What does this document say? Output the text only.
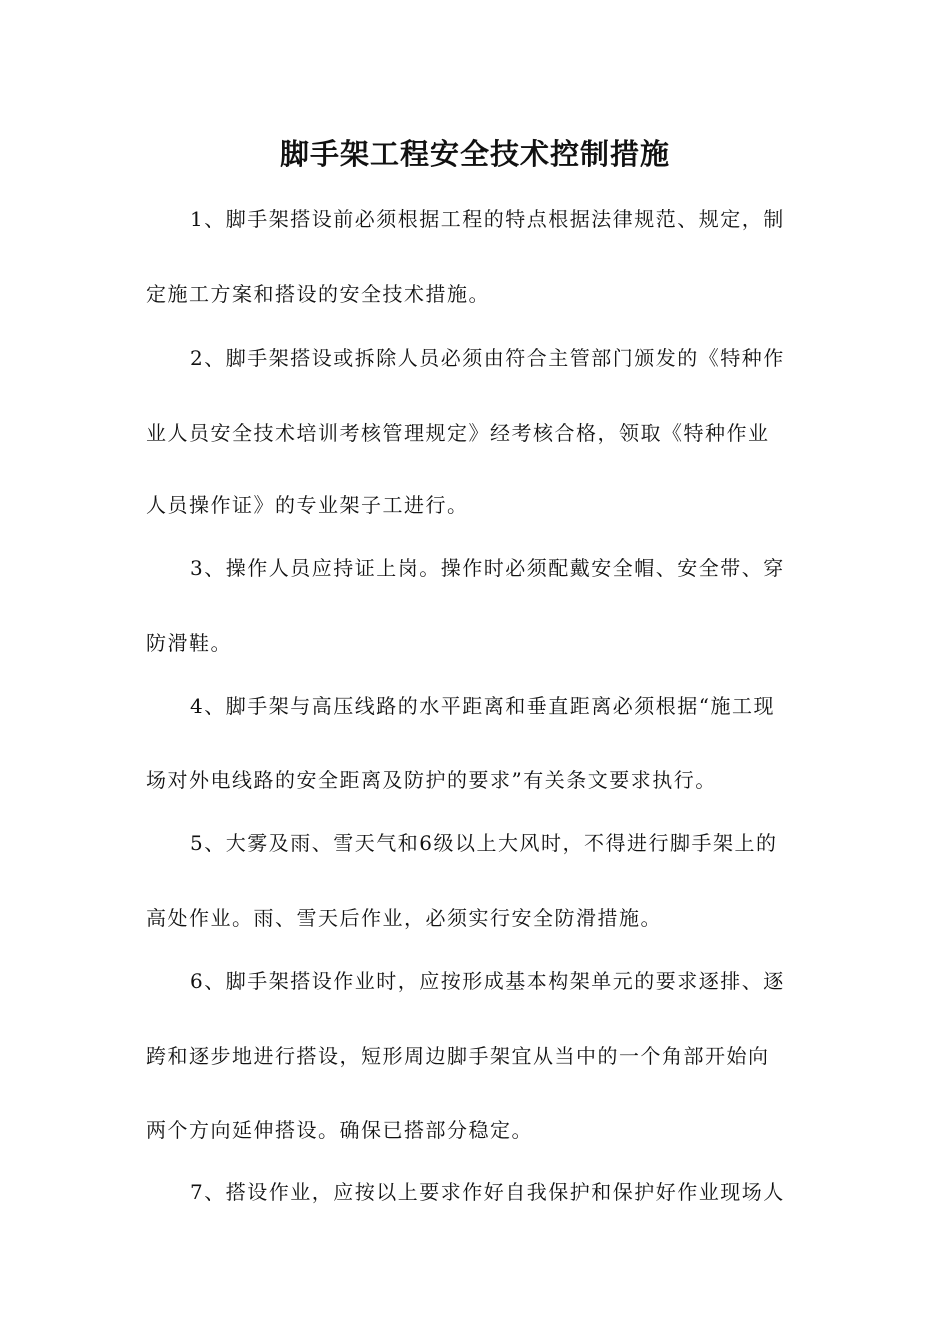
脚手架工程安全技术控制措施

1、脚手架搭设前必须根据工程的特点根据法律规范、规定，制

定施工方案和搭设的安全技术措施。

2、脚手架搭设或拆除人员必须由符合主管部门颁发的《特种作

业人员安全技术培训考核管理规定》经考核合格，领取《特种作业

人员操作证》的专业架子工进行。

3、操作人员应持证上岗。操作时必须配戴安全帽、安全带、穿

防滑鞋。

4、脚手架与高压线路的水平距离和垂直距离必须根据“施工现

场对外电线路的安全距离及防护的要求”有关条文要求执行。

5、大雾及雨、雪天气和6级以上大风时，不得进行脚手架上的

高处作业。雨、雪天后作业，必须实行安全防滑措施。

6、脚手架搭设作业时，应按形成基本构架单元的要求逐排、逐

跨和逐步地进行搭设，短形周边脚手架宜从当中的一个角部开始向

两个方向延伸搭设。确保已搭部分稳定。

7、搭设作业，应按以上要求作好自我保护和保护好作业现场人
